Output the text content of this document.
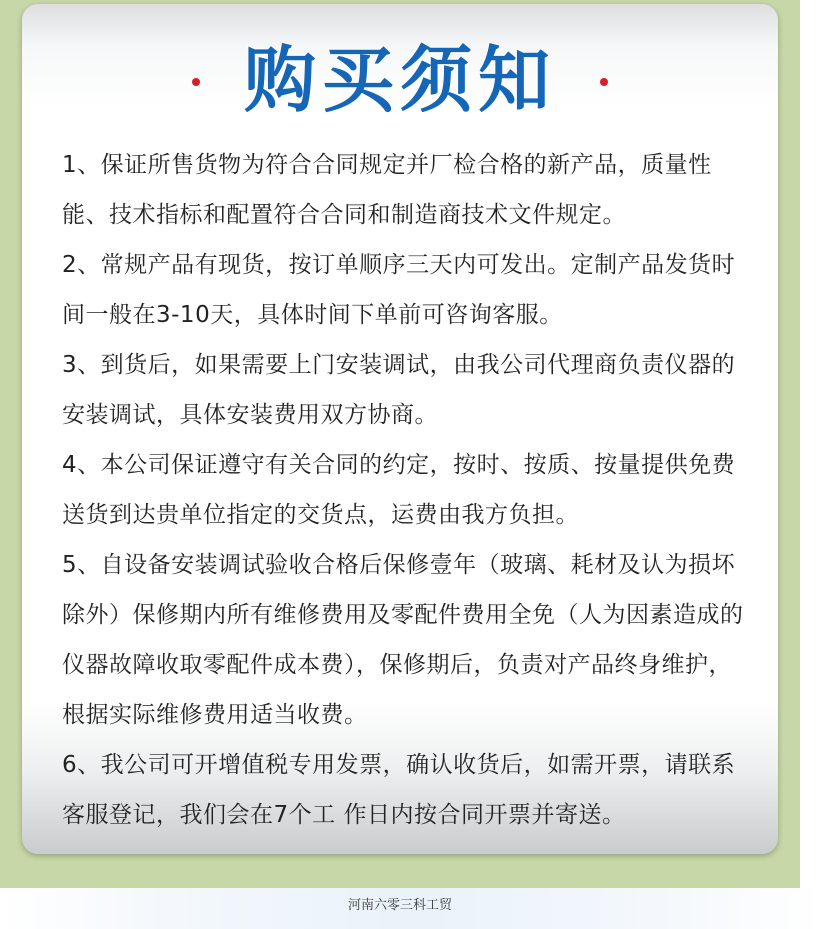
购买须知

1、保证所售货物为符合合同规定并厂检合格的新产品，质量性能、技术指标和配置符合合同和制造商技术文件规定。

2、常规产品有现货，按订单顺序三天内可发出。定制产品发货时间一般在3-10天，具体时间下单前可咨询客服。

3、到货后，如果需要上门安装调试，由我公司代理商负责仪器的安装调试，具体安装费用双方协商。

4、本公司保证遵守有关合同的约定，按时、按质、按量提供免费送货到达贵单位指定的交货点，运费由我方负担。

5、自设备安装调试验收合格后保修壹年（玻璃、耗材及认为损坏除外）保修期内所有维修费用及零配件费用全免（人为因素造成的仪器故障收取零配件成本费），保修期后，负责对产品终身维护，根据实际维修费用适当收费。

6、我公司可开增值税专用发票，确认收货后，如需开票，请联系客服登记，我们会在7个工 作日内按合同开票并寄送。

河南六零三科工贸
